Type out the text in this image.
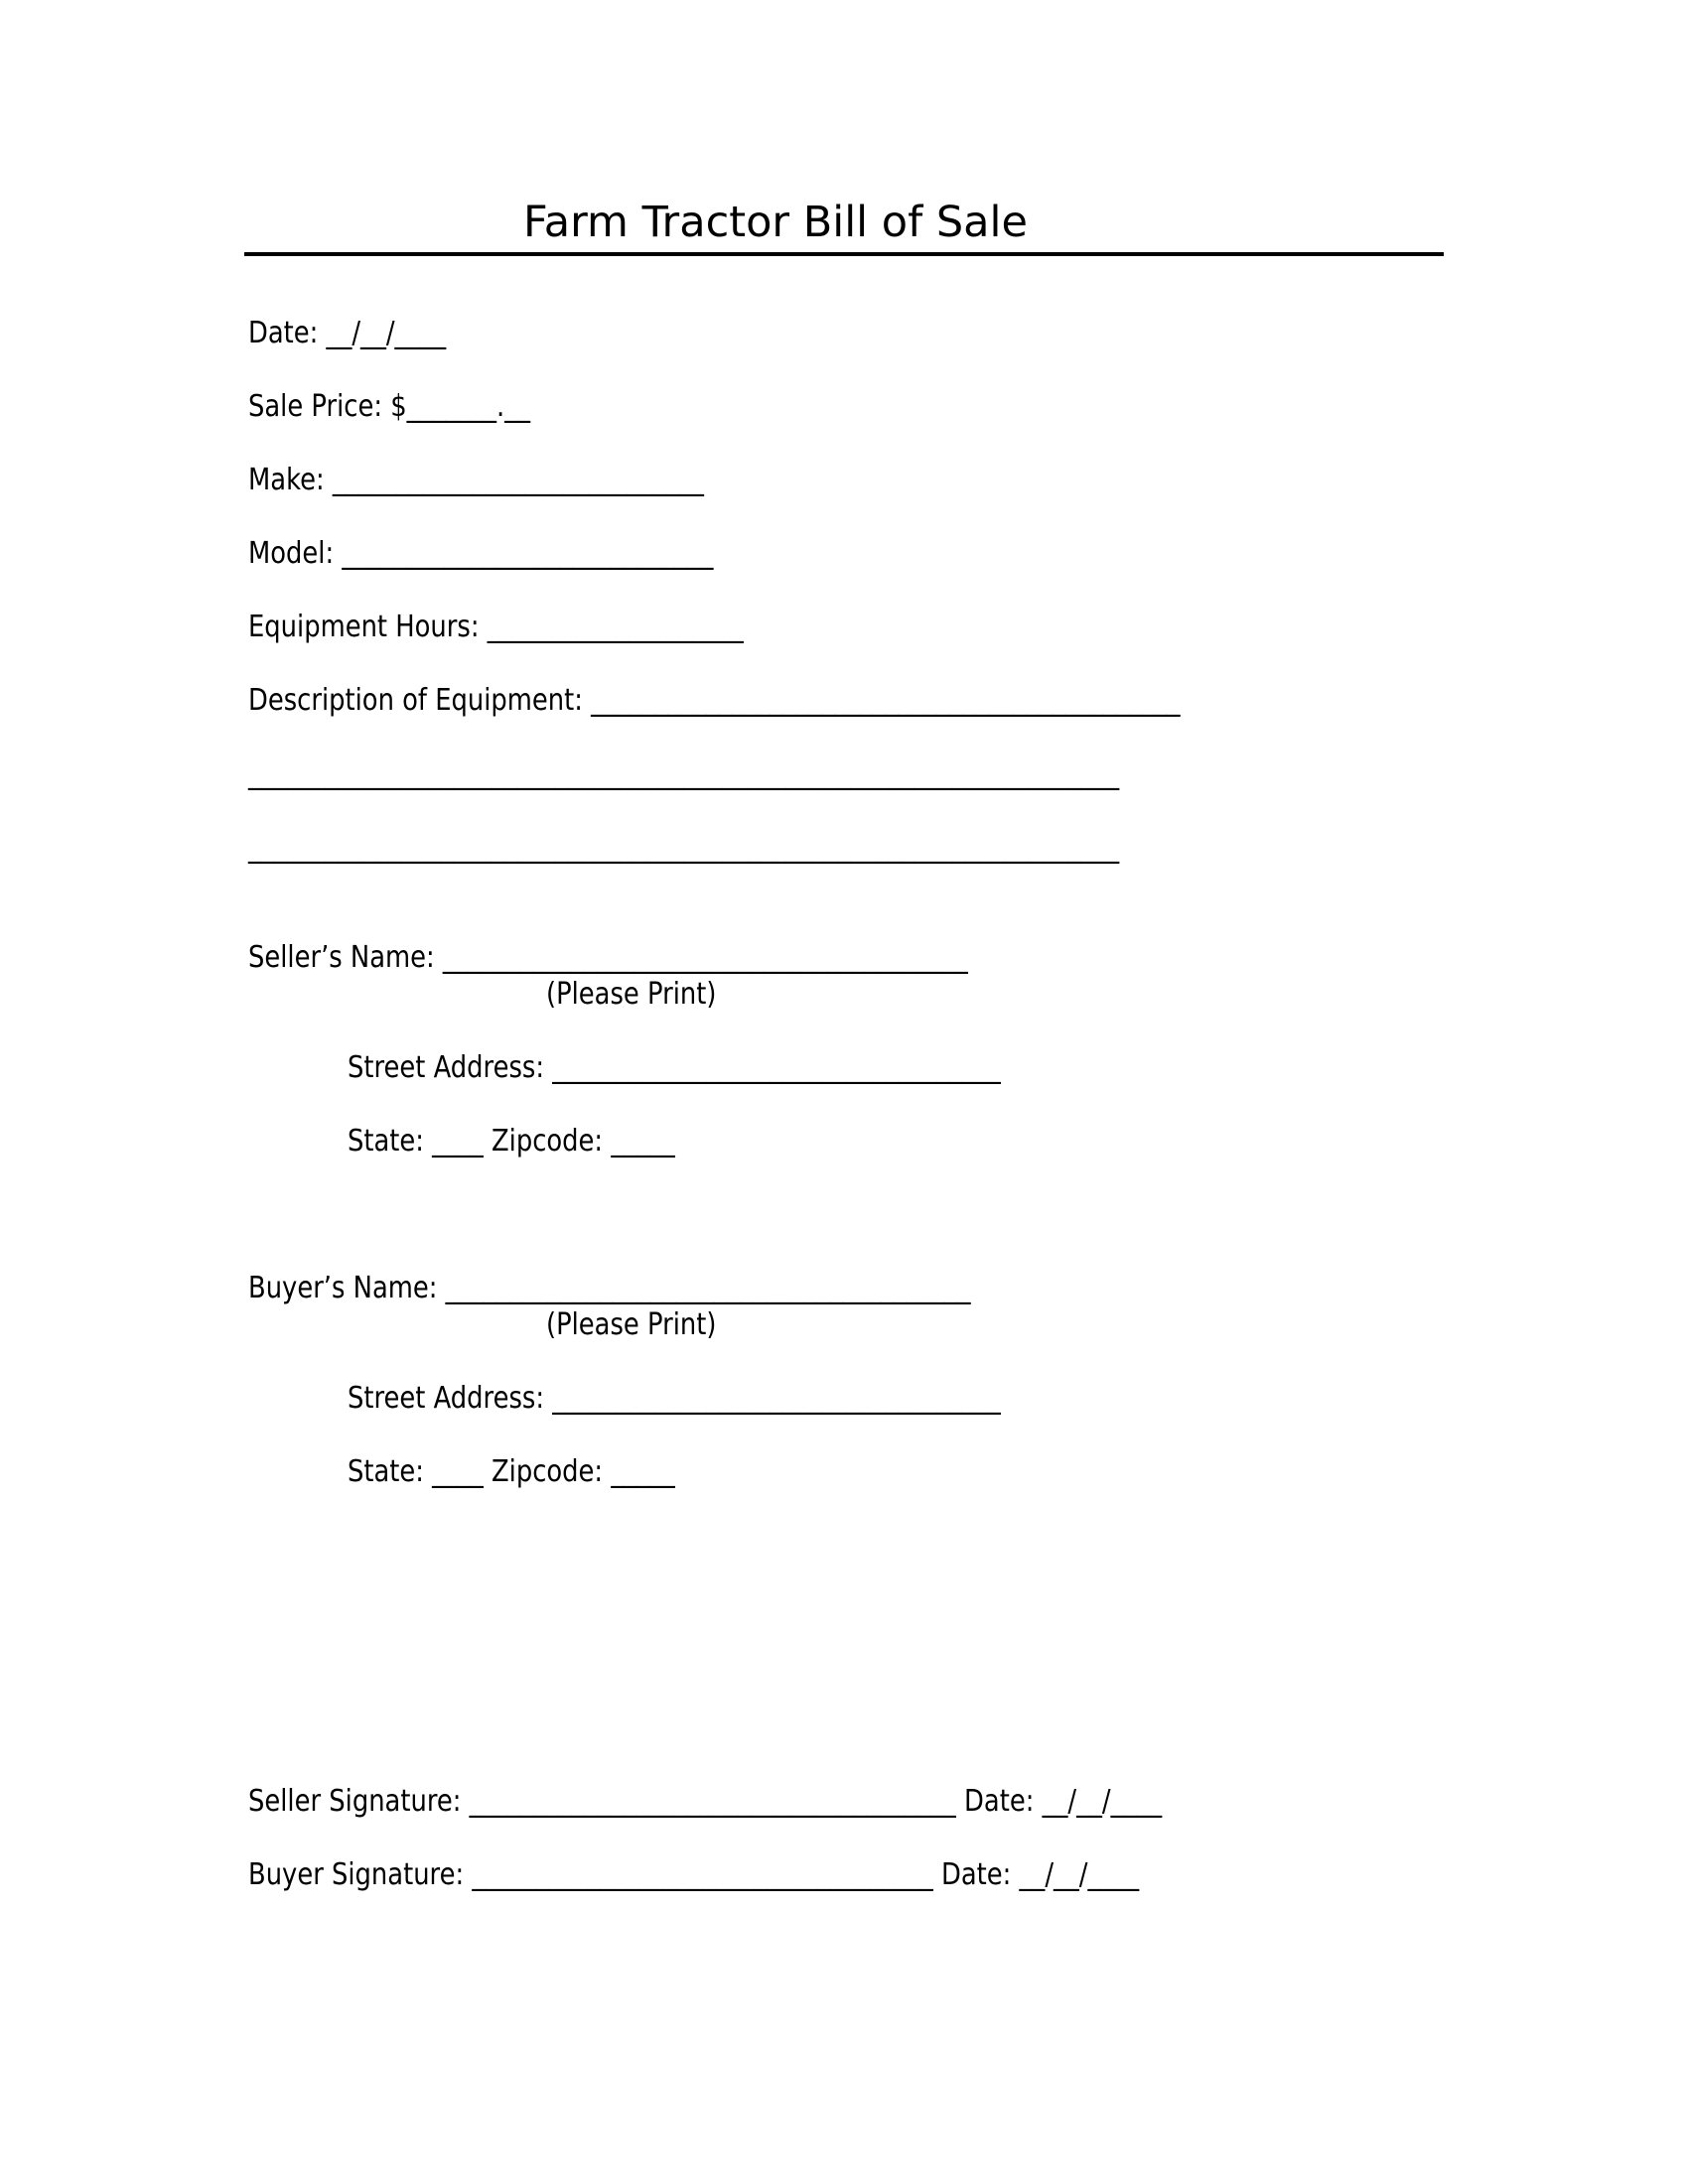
Farm Tractor Bill of Sale
Date: __/__/____
Sale Price: $_______.__
Make: _____________________________
Model: _____________________________
Equipment Hours: ____________________
Description of Equipment: ______________________________________________
____________________________________________________________________
____________________________________________________________________
Seller’s Name: _________________________________________
(Please Print)
Street Address: ___________________________________
State: ____ Zipcode: _____
Buyer’s Name: _________________________________________
(Please Print)
Street Address: ___________________________________
State: ____ Zipcode: _____
Seller Signature: ______________________________________ Date: __/__/____
Buyer Signature: ____________________________________ Date: __/__/____
